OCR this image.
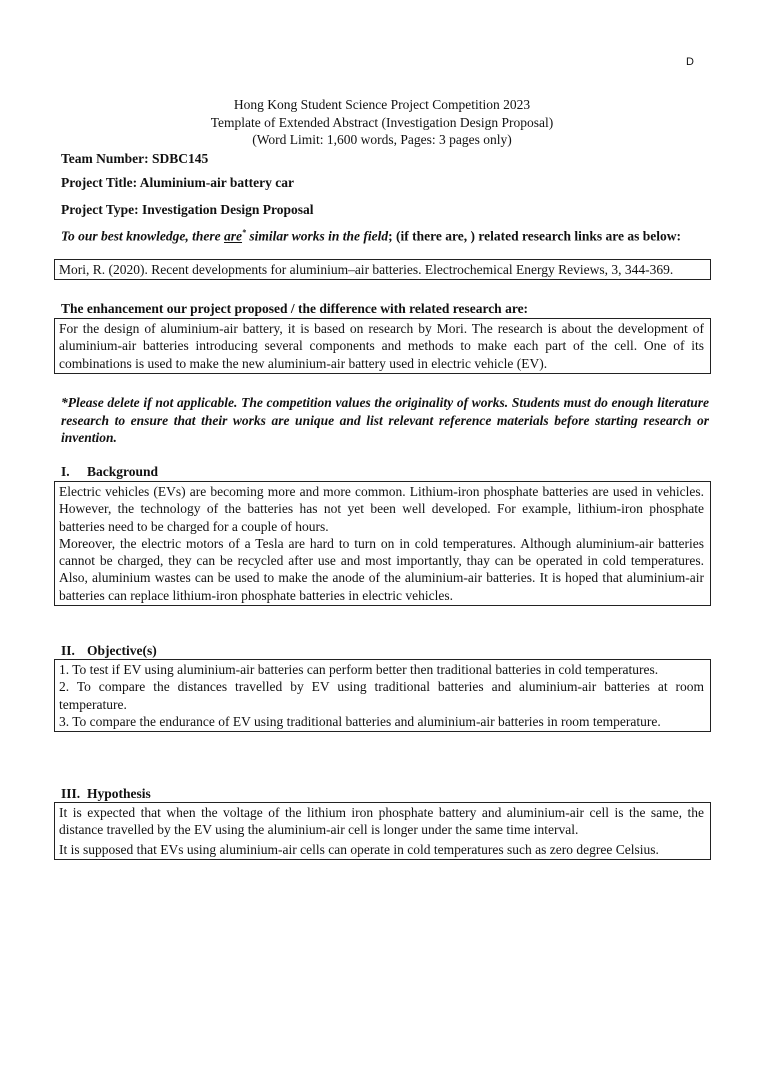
D
Hong Kong Student Science Project Competition 2023
Template of Extended Abstract (Investigation Design Proposal)
(Word Limit: 1,600 words, Pages: 3 pages only)
Team Number: SDBC145
Project Title: Aluminium-air battery car
Project Type: Investigation Design Proposal
To our best knowledge, there are* similar works in the field; (if there are, ) related research links are as below:

Mori, R. (2020). Recent developments for aluminium–air batteries. Electrochemical Energy Reviews, 3, 344-369.

The enhancement our project proposed / the difference with related research are:

For the design of aluminium-air battery, it is based on research by Mori. The research is about the development of aluminium-air batteries introducing several components and methods to make each part of the cell. One of its combinations is used to make the new aluminium-air battery used in electric vehicle (EV).

*Please delete if not applicable. The competition values the originality of works. Students must do enough literature research to ensure that their works are unique and list relevant reference materials before starting research or invention.
I. Background

Electric vehicles (EVs) are becoming more and more common. Lithium-iron phosphate batteries are used in vehicles. However, the technology of the batteries has not yet been well developed. For example, lithium-iron phosphate batteries need to be charged for a couple of hours.

Moreover, the electric motors of a Tesla are hard to turn on in cold temperatures. Although aluminium-air batteries cannot be charged, they can be recycled after use and most importantly, thay can be operated in cold temperatures. Also, aluminium wastes can be used to make the anode of the aluminium-air batteries. It is hoped that aluminium-air batteries can replace lithium-iron phosphate batteries in electric vehicles.

II. Objective(s)

1. To test if EV using aluminium-air batteries can perform better then traditional batteries in cold temperatures.

2. To compare the distances travelled by EV using traditional batteries and aluminium-air batteries at room temperature.

3. To compare the endurance of EV using traditional batteries and aluminium-air batteries in room temperature.

III. Hypothesis

It is expected that when the voltage of the lithium iron phosphate battery and aluminium-air cell is the same, the distance travelled by the EV using the aluminium-air cell is longer under the same time interval.

It is supposed that EVs using aluminium-air cells can operate in cold temperatures such as zero degree Celsius.
